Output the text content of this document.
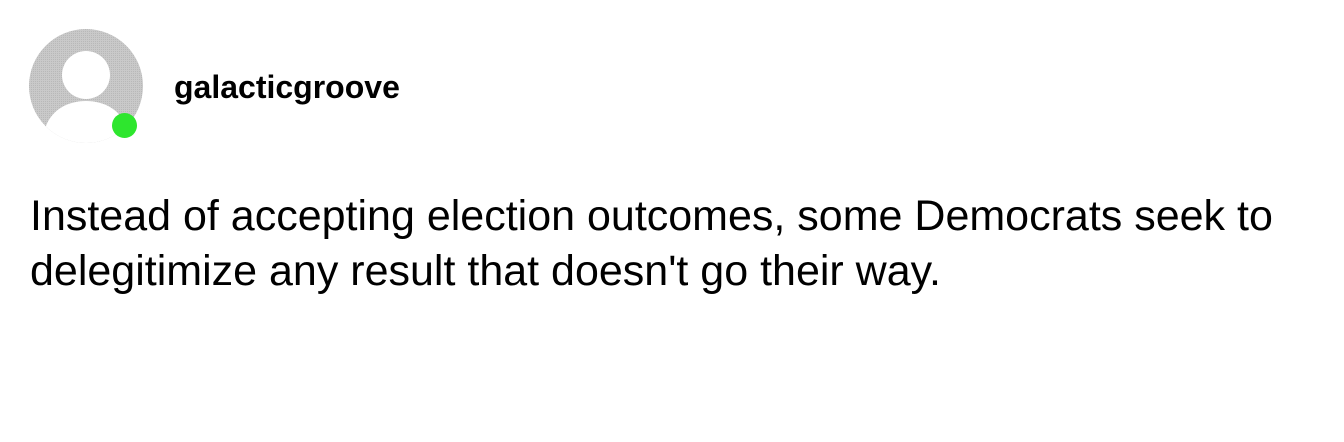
galacticgroove

Instead of accepting election outcomes, some Democrats seek to delegitimize any result that doesn't go their way.
